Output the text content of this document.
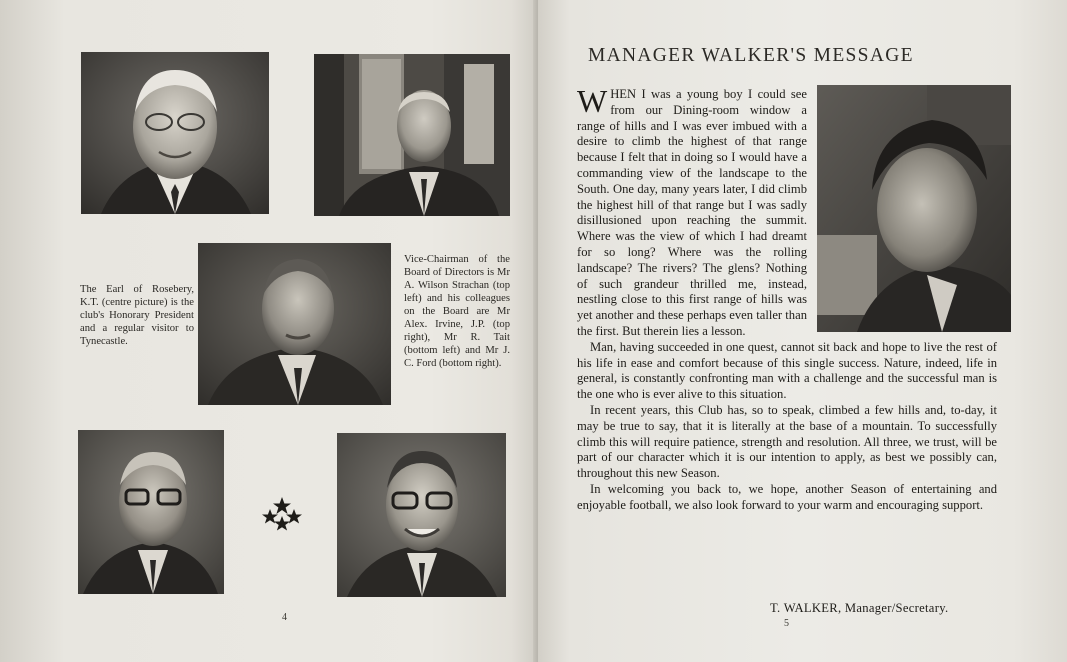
The Earl of Rosebery, K.T. (centre picture) is the club's Honorary President and a regular visitor to Tynecastle.
Vice-Chairman of the Board of Directors is Mr A. Wilson Strachan (top left) and his colleagues on the Board are Mr Alex. Irvine, J.P. (top right), Mr R. Tait (bottom left) and Mr J. C. Ford (bottom right).
4
MANAGER WALKER'S MESSAGE

WHEN I was a young boy I could see from our Dining-room window a range of hills and I was ever imbued with a desire to climb the highest of that range because I felt that in doing so I would have a commanding view of the landscape to the South. One day, many years later, I did climb the highest hill of that range but I was sadly disillusioned upon reaching the summit. Where was the view of which I had dreamt for so long? Where was the rolling landscape? The rivers? The glens? Nothing of such grandeur thrilled me, instead, nestling close to this first range of hills was yet another and these perhaps even taller than the first. But therein lies a lesson.

Man, having succeeded in one quest, cannot sit back and hope to live the rest of his life in ease and comfort because of this single success. Nature, indeed, life in general, is constantly confronting man with a challenge and the successful man is the one who is ever alive to this situation.

In recent years, this Club has, so to speak, climbed a few hills and, to-day, it may be true to say, that it is literally at the base of a mountain. To successfully climb this will require patience, strength and resolution. All three, we trust, will be part of our character which it is our intention to apply, as best we possibly can, throughout this new Season.

In welcoming you back to, we hope, another Season of entertaining and enjoyable football, we also look forward to your warm and encouraging support.

T. WALKER, Manager/Secretary.
5
